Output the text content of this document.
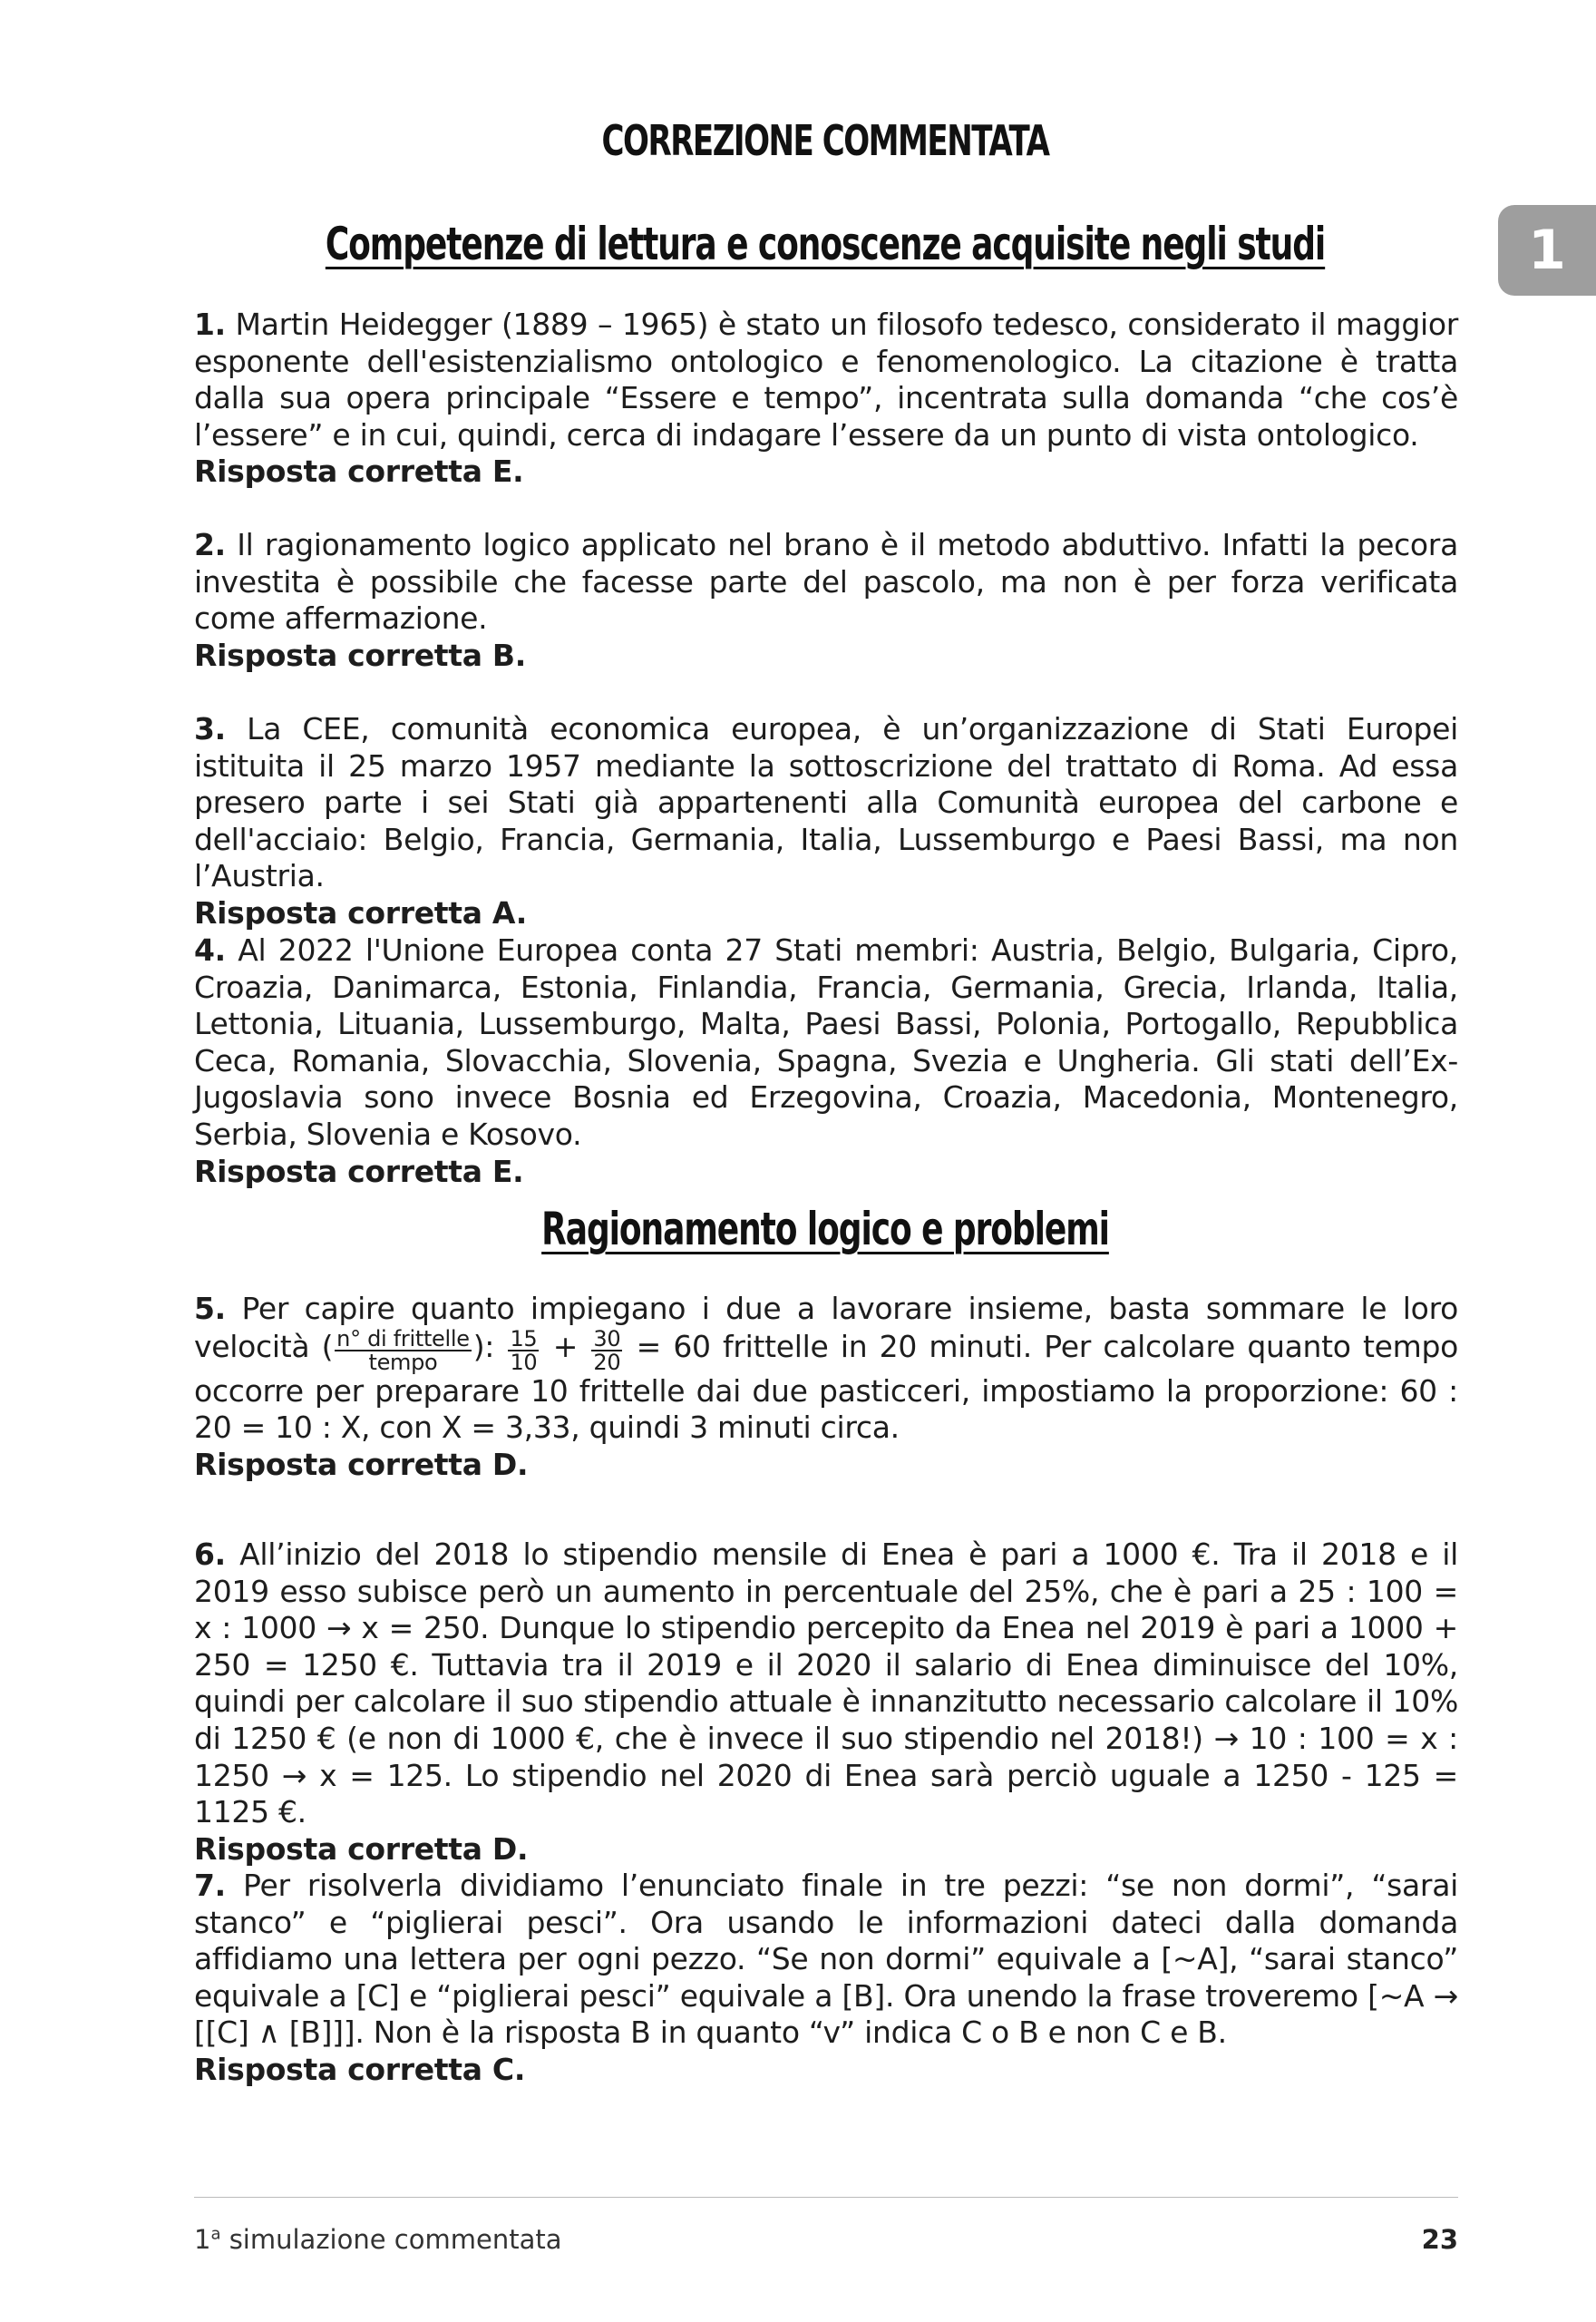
CORREZIONE COMMENTATA
1
Competenze di lettura e conoscenze acquisite negli studi
1. Martin Heidegger (1889 – 1965) è stato un filosofo tedesco, considerato il maggior esponente dell'esistenzialismo ontologico e fenomenologico. La citazione è tratta dalla sua opera principale “Essere e tempo”, incentrata sulla domanda “che cos’è l’essere” e in cui, quindi, cerca di indagare l’essere da un punto di vista ontologico.
Risposta corretta E.
2. Il ragionamento logico applicato nel brano è il metodo abduttivo. Infatti la pecora investita è possibile che facesse parte del pascolo, ma non è per forza verificata come affermazione.
Risposta corretta B.
3. La CEE, comunità economica europea, è un’organizzazione di Stati Europei istituita il 25 marzo 1957 mediante la sottoscrizione del trattato di Roma. Ad essa presero parte i sei Stati già appartenenti alla Comunità europea del carbone e dell'acciaio: Belgio, Francia, Germania, Italia, Lussemburgo e Paesi Bassi, ma non l’Austria.
Risposta corretta A.
4. Al 2022 l'Unione Europea conta 27 Stati membri: Austria, Belgio, Bulgaria, Cipro, Croazia, Danimarca, Estonia, Finlandia, Francia, Germania, Grecia, Irlanda, Italia, Lettonia, Lituania, Lussemburgo, Malta, Paesi Bassi, Polonia, Portogallo, Repubblica Ceca, Romania, Slovacchia, Slovenia, Spagna, Svezia e Ungheria. Gli stati dell’Ex-Jugoslavia sono invece Bosnia ed Erzegovina, Croazia, Macedonia, Montenegro, Serbia, Slovenia e Kosovo.
Risposta corretta E.
Ragionamento logico e problemi
5. Per capire quanto impiegano i due a lavorare insieme, basta sommare le loro velocità ( $\frac{\text{n° di frittelle}}{\text{tempo}}$ ): $\frac{15}{10} + \frac{30}{20} = 60$ frittelle in 20 minuti. Per calcolare quanto tempo occorre per preparare 10 frittelle dai due pasticceri, impostiamo la proporzione: 60 : 20 = 10 : X, con X = 3,33, quindi 3 minuti circa.
Risposta corretta D.
6. All’inizio del 2018 lo stipendio mensile di Enea è pari a 1000 €. Tra il 2018 e il 2019 esso subisce però un aumento in percentuale del 25%, che è pari a 25 : 100 = x : 1000 → x = 250. Dunque lo stipendio percepito da Enea nel 2019 è pari a 1000 + 250 = 1250 €. Tuttavia tra il 2019 e il 2020 il salario di Enea diminuisce del 10%, quindi per calcolare il suo stipendio attuale è innanzitutto necessario calcolare il 10% di 1250 € (e non di 1000 €, che è invece il suo stipendio nel 2018!) → 10 : 100 = x : 1250 → x = 125. Lo stipendio nel 2020 di Enea sarà perciò uguale a 1250 - 125 = 1125 €.
Risposta corretta D.
7. Per risolverla dividiamo l’enunciato finale in tre pezzi: “se non dormi”, “sarai stanco” e “piglierai pesci”. Ora usando le informazioni dateci dalla domanda affidiamo una lettera per ogni pezzo. “Se non dormi” equivale a [~A], “sarai stanco” equivale a [C] e “piglierai pesci” equivale a [B]. Ora unendo la frase troveremo [~A → [[C] ∧ [B]]]. Non è la risposta B in quanto “v” indica C o B e non C e B.
Risposta corretta C.
1$^a$ simulazione commentata	23
